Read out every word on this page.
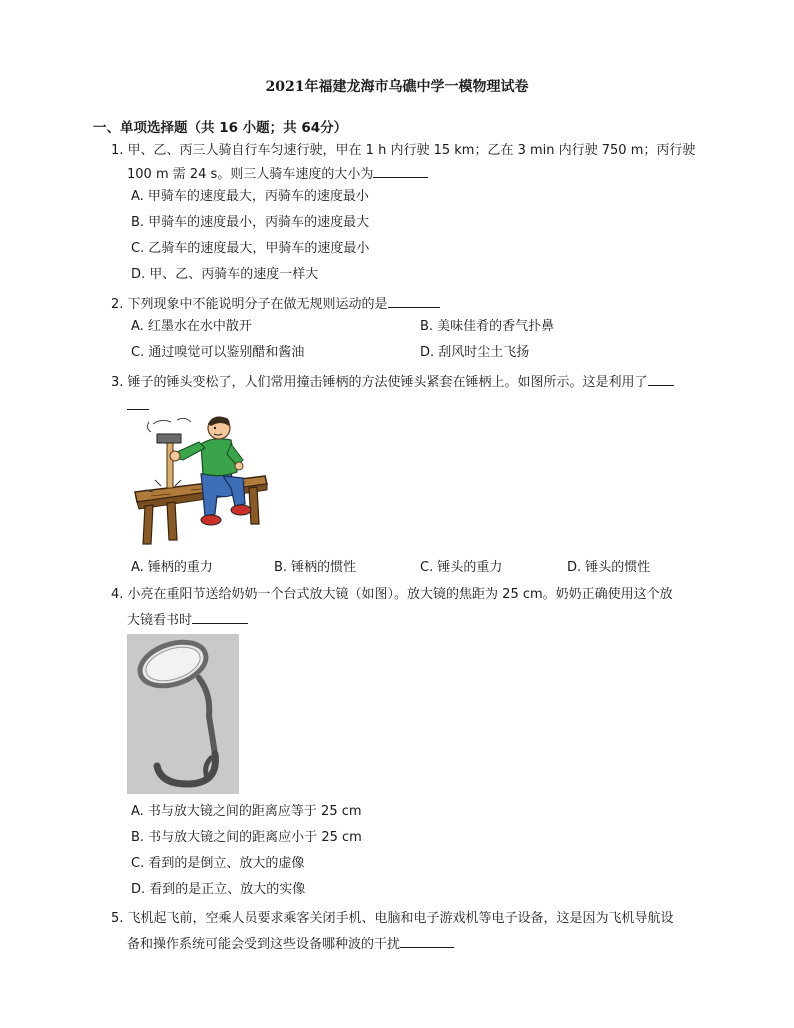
2021年福建龙海市乌礁中学一模物理试卷
一、单项选择题（共 16 小题；共 64分）
1. 甲、乙、丙三人骑自行车匀速行驶，甲在 1 h 内行驶 15 km；乙在 3 min 内行驶 750 m；丙行驶
100 m 需 24 s。则三人骑车速度的大小为
A. 甲骑车的速度最大，丙骑车的速度最小
B. 甲骑车的速度最小，丙骑车的速度最大
C. 乙骑车的速度最大，甲骑车的速度最小
D. 甲、乙、丙骑车的速度一样大
2. 下列现象中不能说明分子在做无规则运动的是
A. 红墨水在水中散开	B. 美味佳肴的香气扑鼻
C. 通过嗅觉可以鉴别醋和酱油	D. 刮风时尘土飞扬
3. 锤子的锤头变松了，人们常用撞击锤柄的方法使锤头紧套在锤柄上。如图所示。这是利用了
A. 锤柄的重力	B. 锤柄的惯性	C. 锤头的重力	D. 锤头的惯性
4. 小亮在重阳节送给奶奶一个台式放大镜（如图）。放大镜的焦距为 25 cm。奶奶正确使用这个放
大镜看书时
A. 书与放大镜之间的距离应等于 25 cm
B. 书与放大镜之间的距离应小于 25 cm
C. 看到的是倒立、放大的虚像
D. 看到的是正立、放大的实像
5. 飞机起飞前，空乘人员要求乘客关闭手机、电脑和电子游戏机等电子设备，这是因为飞机导航设
备和操作系统可能会受到这些设备哪种波的干扰
